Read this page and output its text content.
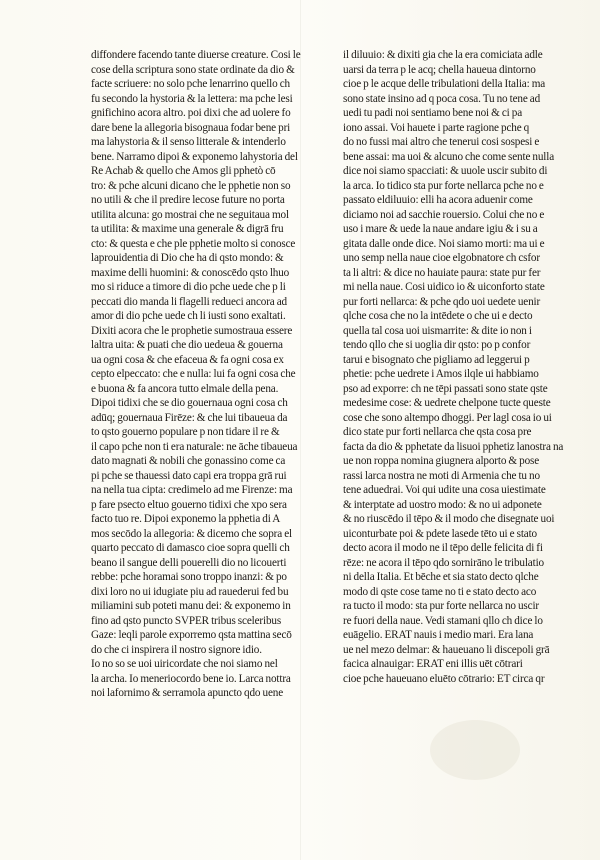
diffondere facendo tante diuerse creature. Cosi le
cose della scriptura sono state ordinate da dio &
facte scriuere: no solo pche lenarrino quello ch
fu secondo la hystoria & la lettera: ma pche lesi
gnifichino acora altro. poi dixi che ad uolere fo
dare bene la allegoria bisognaua fodar bene pri
ma lahystoria & il senso litterale & intenderlo
bene. Narramo dipoi & exponemo lahystoria del
Re Achab & quello che Amos gli pphetò cō
tro: & pche alcuni dicano che le pphetie non so
no utili & che il predire lecose future no porta
utilita alcuna: go mostrai che ne seguitaua mol
ta utilita: & maxime una generale & digrā fru
cto: & questa e che ple pphetie molto si conosce
laprouidentia di Dio che ha di qsto mondo: &
maxime delli huomini: & conoscēdo qsto lhuo
mo si riduce a timore di dio pche uede che p li
peccati dio manda li flagelli redueci ancora ad
amor di dio pche uede ch li iusti sono exaltati.
Dixiti acora che le prophetie sumostraua essere
laltra uita: & puati che dio uedeua & gouerna
ua ogni cosa & che efaceua & fa ogni cosa ex
cepto elpeccato: che e nulla: lui fa ogni cosa che
e buona & fa ancora tutto elmale della pena.
Dipoi tidixi che se dio gouernaua ogni cosa ch
adūq; gouernaua Firēze: & che lui tibaueua da
to qsto gouerno populare p non tidare il re &
il capo pche non ti era naturale: ne āche tibaueua
dato magnati & nobili che gonassino come ca
pi pche se thauessi dato capi era troppa grā rui
na nella tua cipta: credimelo ad me Firenze: ma
p fare psecto eltuo gouerno tidixi che xpo sera
facto tuo re. Dipoi exponemo la pphetia di A
mos secōdo la allegoria: & dicemo che sopra el
quarto peccato di damasco cioe sopra quelli ch
beano il sangue delli pouerelli dio no licouerti
rebbe: pche horamai sono troppo inanzi: & po
dixi loro no ui idugiate piu ad rauederui fed bu
miliamini sub poteti manu dei: & exponemo in
fino ad qsto puncto SVPER tribus sceleribus
Gaze: leqli parole exporremo qsta mattina secō
do che ci inspirera il nostro signore idio.
Io no so se uoi uiricordate che noi siamo nel
la archa. Io meneriocordo bene io. Larca nottra
noi lafornimo & serramola apuncto qdo uene
il diluuio: & dixiti gia che la era comiciata adle
uarsi da terra p le acq; chella haueua dintorno
cioe p le acque delle tribulationi della Italia: ma
sono state insino ad q poca cosa. Tu no tene ad
uedi tu padi noi sentiamo bene noi & ci pa
iono assai. Voi hauete i parte ragione pche q
do no fussi mai altro che tenerui cosi sospesi e
bene assai: ma uoi & alcuno che come sente nulla
dice noi siamo spacciati: & uuole uscir subito di
la arca. Io tidico sta pur forte nellarca pche no e
passato eldiluuio: elli ha acora aduenir come
diciamo noi ad sacchie rouersio. Colui che no e
uso i mare & uede la naue andare igiu & i su a
gitata dalle onde dice. Noi siamo morti: ma ui e
uno semp nella naue cioe elgobnatore ch csfor
ta li altri: & dice no hauiate paura: state pur fer
mi nella naue. Cosi uidico io & uiconforto state
pur forti nellarca: & pche qdo uoi uedete uenir
qlche cosa che no la intēdete o che ui e decto
quella tal cosa uoi uismarrite: & dite io non i
tendo qllo che si uoglia dir qsto: po p confor
tarui e bisognato che pigliamo ad leggerui p
phetie: pche uedrete i Amos ilqle ui habbiamo
pso ad exporre: ch ne tēpi passati sono state qste
medesime cose: & uedrete chelpone tucte queste
cose che sono altempo dhoggi. Per lagl cosa io ui
dico state pur forti nellarca che qsta cosa pre
facta da dio & pphetate da lisuoi pphetiz lanostra na
ue non roppa nomina giugnera alporto & pose
rassi larca nostra ne moti di Armenia che tu no
tene aduedrai. Voi qui udite una cosa uiestimate
& interptate ad uostro modo: & no ui adponete
& no riuscēdo il tēpo & il modo che disegnate uoi
uiconturbate poi & pdete lasede tēto ui e stato
decto acora il modo ne il tēpo delle felicita di fi
rēze: ne acora il tēpo qdo sornirāno le tribulatio
ni della Italia. Et bēche et sia stato decto qlche
modo di qste cose tame no ti e stato decto aco
ra tucto il modo: sta pur forte nellarca no uscir
re fuori della naue. Vedi stamani qllo ch dice lo
euāgelio. ERAT nauis i medio mari. Era lana
ue nel mezo delmar: & haueuano li discepoli grā
facica alnauigar: ERAT eni illis uēt cōtrari
cioe pche haueuano eluēto cōtrario: ET circa qr
